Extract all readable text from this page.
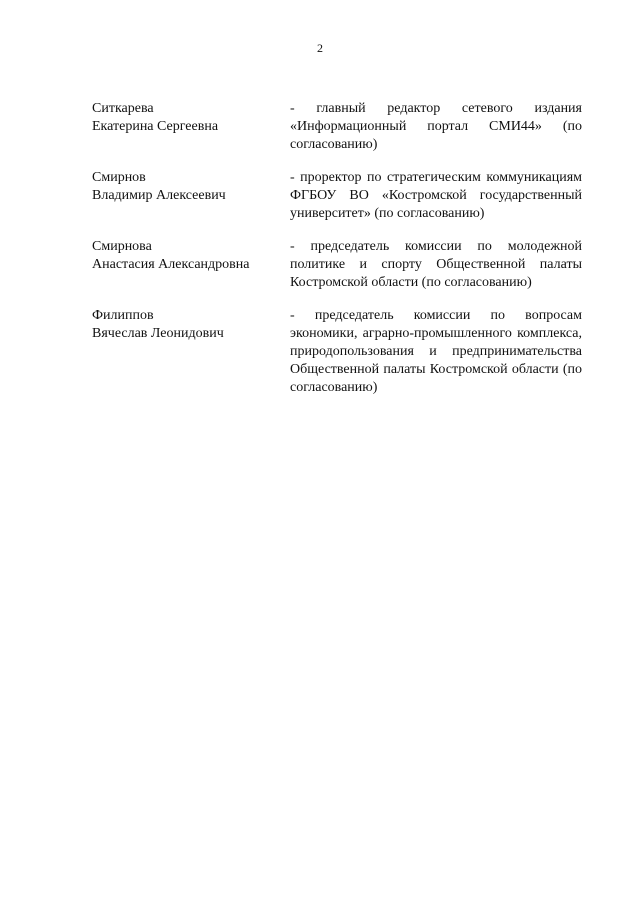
2
Ситкарева
Екатерина Сергеевна
- главный редактор сетевого издания «Информационный портал СМИ44» (по согласованию)
Смирнов
Владимир Алексеевич
- проректор по стратегическим коммуникациям ФГБОУ ВО «Костромской государственный университет» (по согласованию)
Смирнова
Анастасия Александровна
- председатель комиссии по молодежной политике и спорту Общественной палаты Костромской области (по согласованию)
Филиппов
Вячеслав Леонидович
- председатель комиссии по вопросам экономики, аграрно-промышленного комплекса, природопользования и предпринимательства Общественной палаты Костромской области (по согласованию)
